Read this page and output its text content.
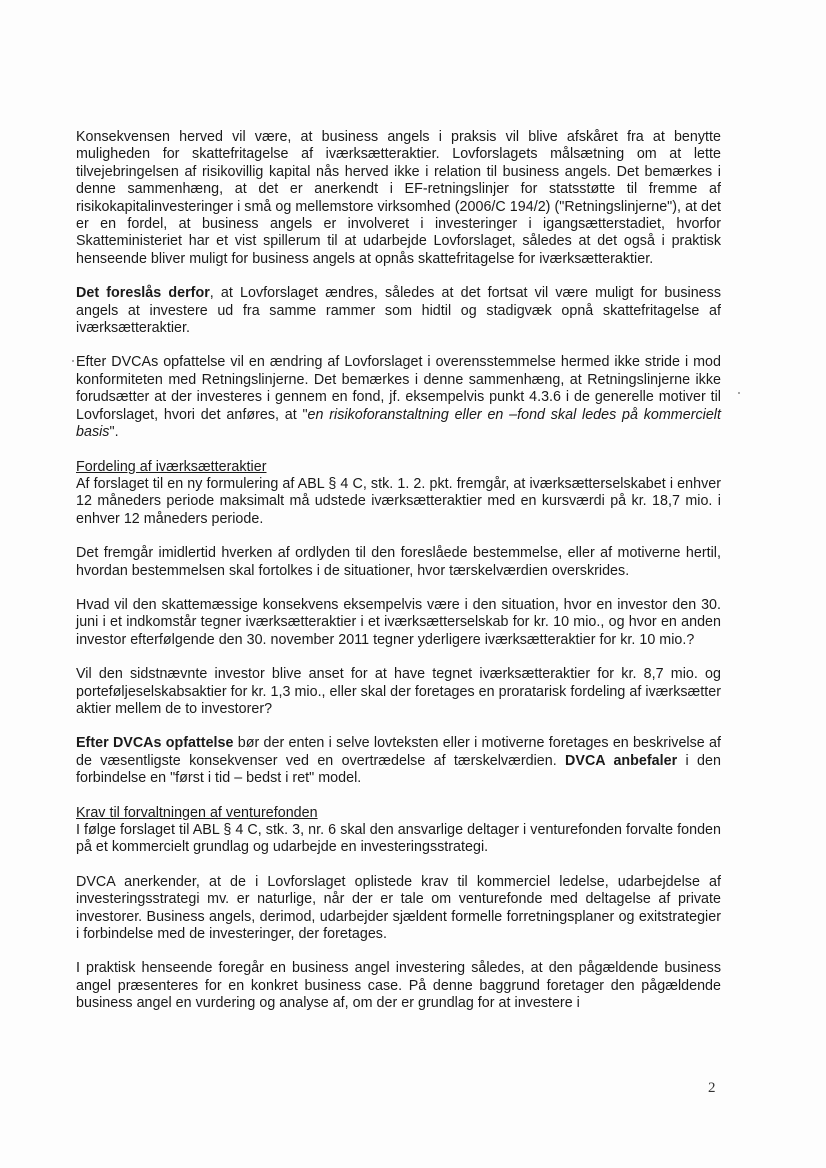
Konsekvensen herved vil være, at business angels i praksis vil blive afskåret fra at benytte muligheden for skattefritagelse af iværksætteraktier. Lovforslagets målsætning om at lette tilvejebringelsen af risikovillig kapital nås herved ikke i relation til business angels. Det bemærkes i denne sammenhæng, at det er anerkendt i EF-retningslinjer for statsstøtte til fremme af risikokapitalinvesteringer i små og mellemstore virksomhed (2006/C 194/2) ("Retningslinjerne"), at det er en fordel, at business angels er involveret i investeringer i igangsætterstadiet, hvorfor Skatteministeriet har et vist spillerum til at udarbejde Lovforslaget, således at det også i praktisk henseende bliver muligt for business angels at opnås skattefritagelse for iværksætteraktier.

Det foreslås derfor, at Lovforslaget ændres, således at det fortsat vil være muligt for business angels at investere ud fra samme rammer som hidtil og stadigvæk opnå skattefritagelse af iværksætteraktier.

Efter DVCAs opfattelse vil en ændring af Lovforslaget i overensstemmelse hermed ikke stride i mod konformiteten med Retningslinjerne. Det bemærkes i denne sammenhæng, at Retningslinjerne ikke forudsætter at der investeres i gennem en fond, jf. eksempelvis punkt 4.3.6 i de generelle motiver til Lovforslaget, hvori det anføres, at "en risikoforanstaltning eller en –fond skal ledes på kommercielt basis".

Fordeling af iværksætteraktier

Af forslaget til en ny formulering af ABL § 4 C, stk. 1. 2. pkt. fremgår, at iværksætterselskabet i enhver 12 måneders periode maksimalt må udstede iværksætteraktier med en kursværdi på kr. 18,7 mio. i enhver 12 måneders periode.

Det fremgår imidlertid hverken af ordlyden til den foreslåede bestemmelse, eller af motiverne hertil, hvordan bestemmelsen skal fortolkes i de situationer, hvor tærskelværdien overskrides.

Hvad vil den skattemæssige konsekvens eksempelvis være i den situation, hvor en investor den 30. juni i et indkomstår tegner iværksætteraktier i et iværksætterselskab for kr. 10 mio., og hvor en anden investor efterfølgende den 30. november 2011 tegner yderligere iværksætteraktier for kr. 10 mio.?

Vil den sidstnævnte investor blive anset for at have tegnet iværksætteraktier for kr. 8,7 mio. og porteføljeselskabsaktier for kr. 1,3 mio., eller skal der foretages en proratarisk fordeling af iværksætter aktier mellem de to investorer?

Efter DVCAs opfattelse bør der enten i selve lovteksten eller i motiverne foretages en beskrivelse af de væsentligste konsekvenser ved en overtrædelse af tærskelværdien. DVCA anbefaler i den forbindelse en "først i tid – bedst i ret" model.

Krav til forvaltningen af venturefonden

I følge forslaget til ABL § 4 C, stk. 3, nr. 6 skal den ansvarlige deltager i venturefonden forvalte fonden på et kommercielt grundlag og udarbejde en investeringsstrategi.

DVCA anerkender, at de i Lovforslaget oplistede krav til kommerciel ledelse, udarbejdelse af investeringsstrategi mv. er naturlige, når der er tale om venturefonde med deltagelse af private investorer. Business angels, derimod, udarbejder sjældent formelle forretningsplaner og exitstrategier i forbindelse med de investeringer, der foretages.

I praktisk henseende foregår en business angel investering således, at den pågældende business angel præsenteres for en konkret business case. På denne baggrund foretager den pågældende business angel en vurdering og analyse af, om der er grundlag for at investere i

2
